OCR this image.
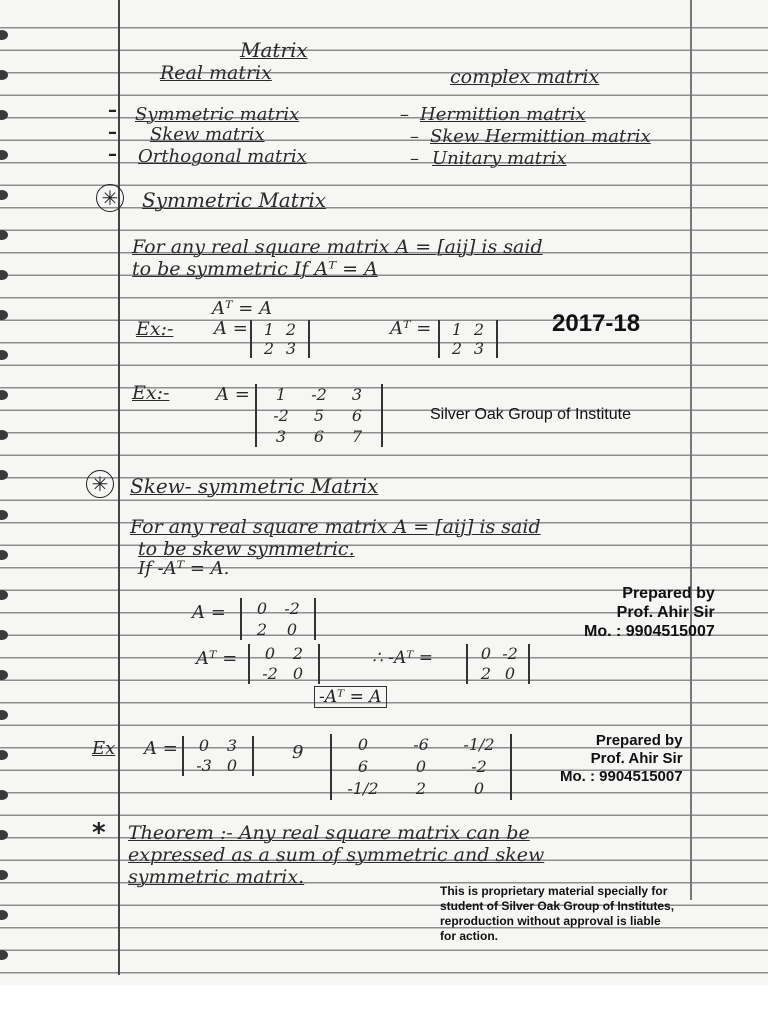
Matrix
Real matrix	complex matrix
– Symmetric matrix
– Skew matrix
– Orthogonal matrix
– Hermittion matrix
– Skew Hermittion matrix
– Unitary matrix
✳ Symmetric Matrix
For any real square matrix A = [aij] is said
to be symmetric If Aᵀ = A
Aᵀ = A
Ex:- A =	1 2
2 3
Aᵀ =	1 2
2 3
2017-18
Ex:-	A =	1	-2	3
-2	5	6
3	6	7
Silver Oak Group of Institute
✳ Skew- symmetric Matrix
For any real square matrix A = [aij] is said
to be skew symmetric.
If -Aᵀ = A.
A =	0	-2
2	0
Aᵀ =	0	2
-2 0
∴ -Aᵀ =	0 -2
2 0
-Aᵀ = A
Prepared by
Prof. Ahir Sir
Mo. : 9904515007
Ex A =	0	3
-3 0
9	0	-6	-1/2
6	0	-2
-1/2	2	0
Prepared by
Prof. Ahir Sir
Mo. : 9904515007
* Theorem :- Any real square matrix can be
expressed as a sum of symmetric and skew
symmetric matrix.
This is proprietary material specially for
student of Silver Oak Group of Institutes,
reproduction without approval is liable
for action.
